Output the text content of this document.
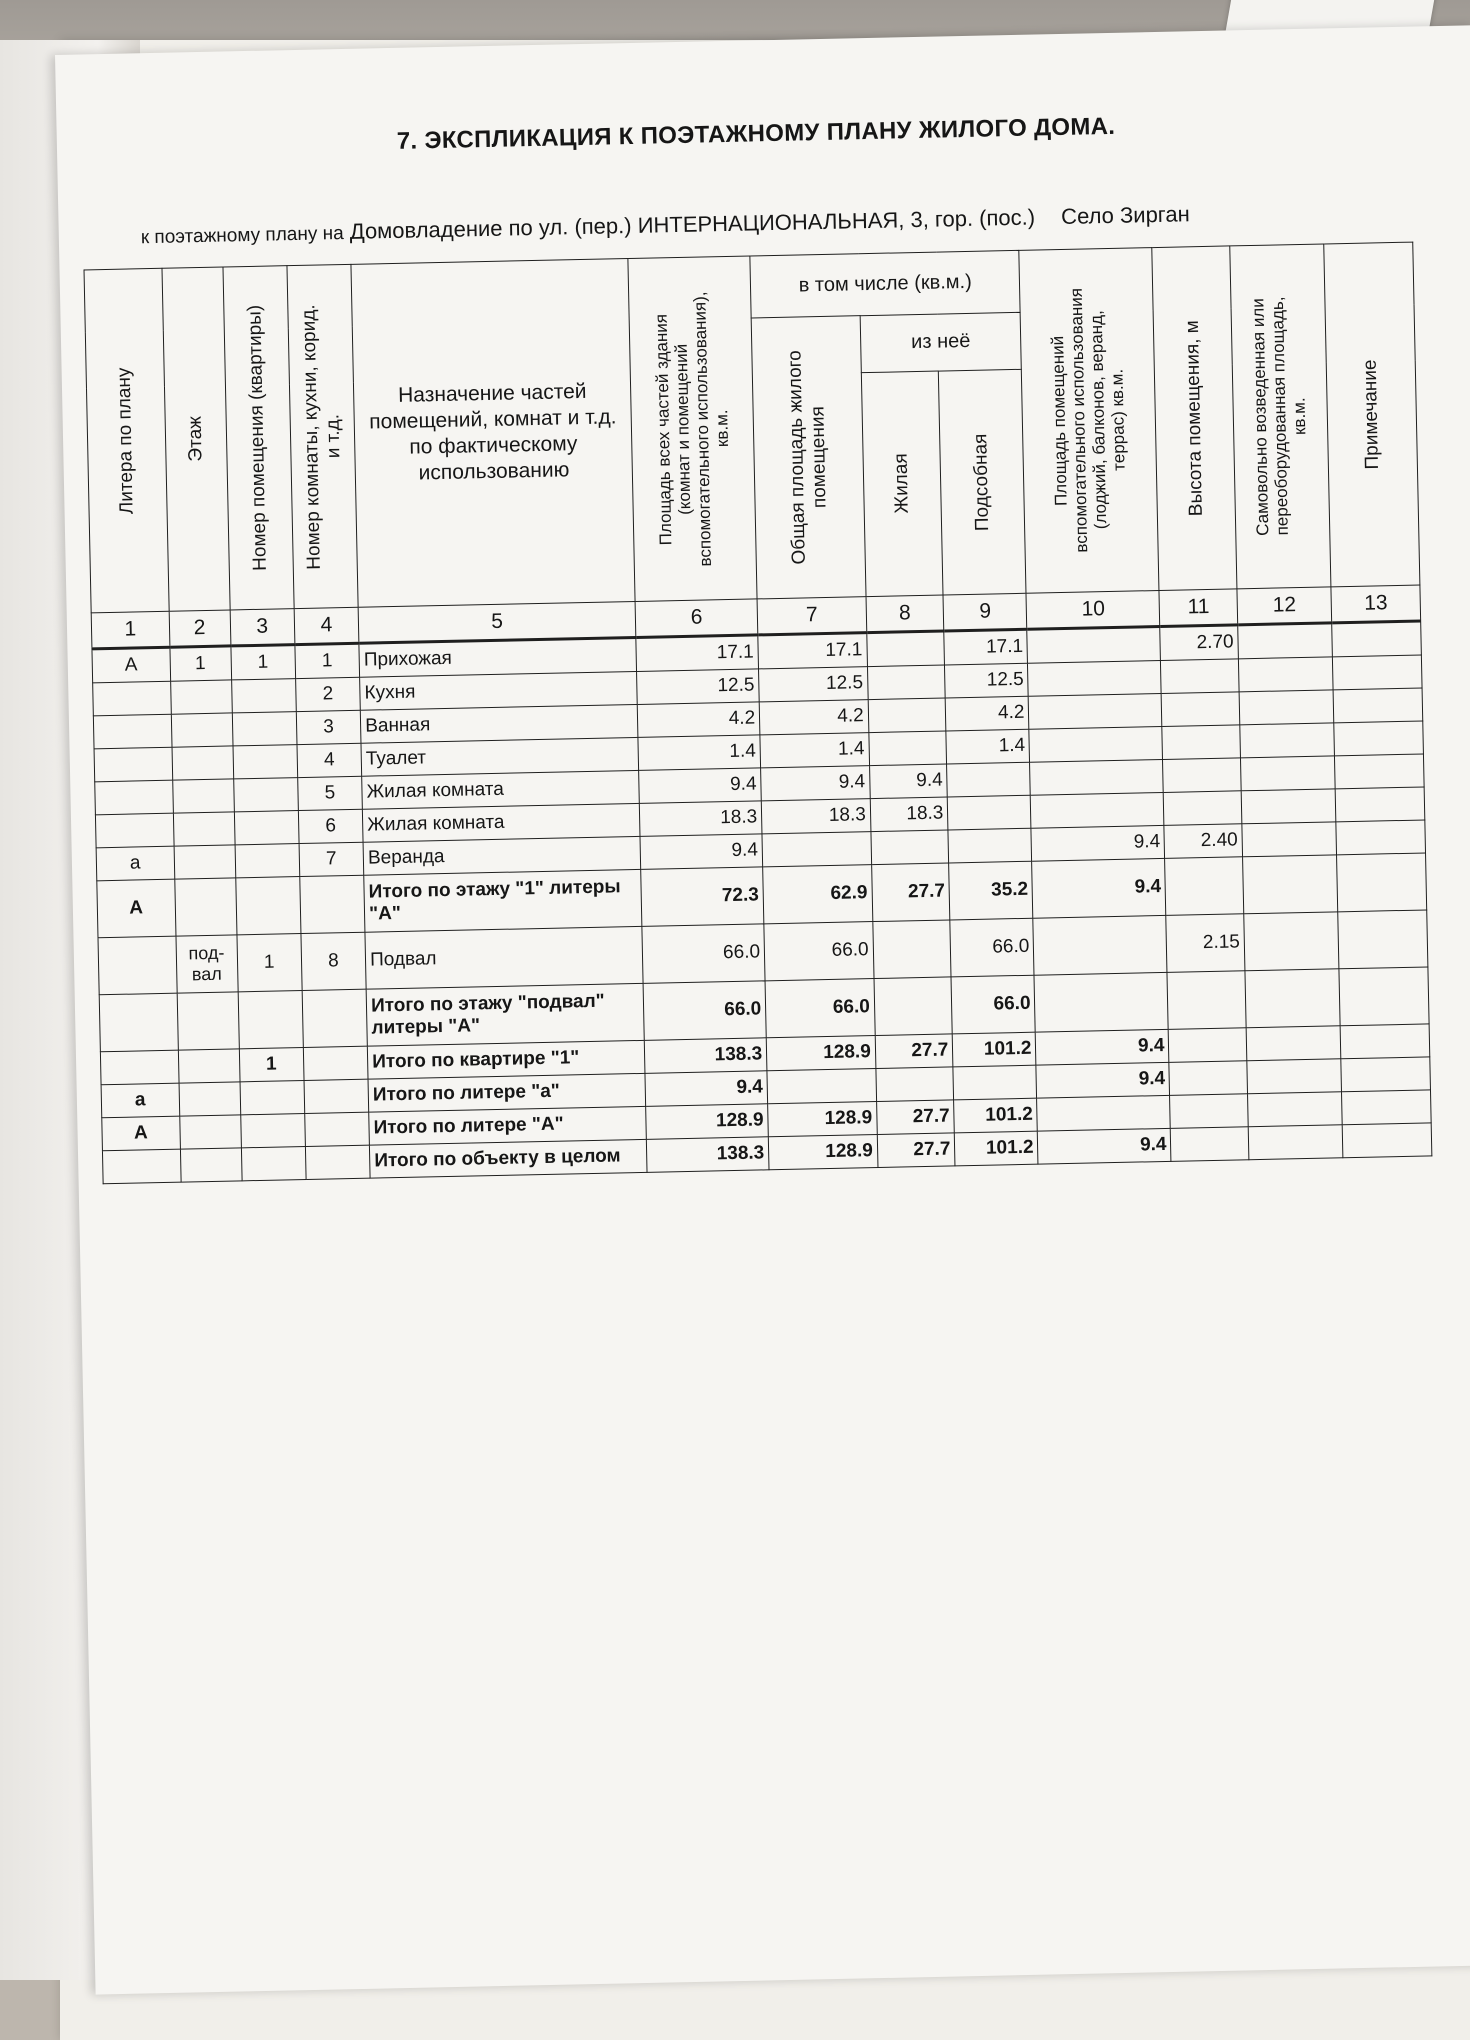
7. ЭКСПЛИКАЦИЯ К ПОЭТАЖНОМУ ПЛАНУ ЖИЛОГО ДОМА.
к поэтажному плану на Домовладение по ул. (пер.) ИНТЕРНАЦИОНАЛЬНАЯ, 3, гор. (пос.) Село Зирган
Литера по плану	Этаж	Номер помещения (квартиры)	Номер комнаты, кухни, корид. и т.д.	Назначение частей помещений, комнат и т.д. по фактическому использованию	Площадь всех частей здания (комнат и помещений вспомогательного использования), кв.м.	в том числе (кв.м.)			Площадь помещений вспомогательного использования (лоджий, балконов, веранд, террас) кв.м.	Высота помещения, м	Самовольно возведенная или переоборудованная площадь, кв.м.	Примечание

						Общая площадь жилого помещения	из неё					

							Жилая	Подсобная				

1	2	3	4	5	6	7	8	9	10	11	12	13
А	1	1	1	Прихожая	17.1	17.1		17.1		2.70		
			2	Кухня	12.5	12.5		12.5				
			3	Ванная	4.2	4.2		4.2				
			4	Туалет	1.4	1.4		1.4				
			5	Жилая комната	9.4	9.4	9.4					
			6	Жилая комната	18.3	18.3	18.3					
а			7	Веранда	9.4				9.4	2.40		
А				Итого по этажу "1" литеры "А"	72.3	62.9	27.7	35.2	9.4			
	под-вал	1	8	Подвал	66.0	66.0		66.0		2.15		
				Итого по этажу "подвал" литеры "А"	66.0	66.0		66.0				
		1		Итого по квартире "1"	138.3	128.9	27.7	101.2	9.4			
а				Итого по литере "а"	9.4				9.4			
А				Итого по литере "А"	128.9	128.9	27.7	101.2				
				Итого по объекту в целом	138.3	128.9	27.7	101.2	9.4			
